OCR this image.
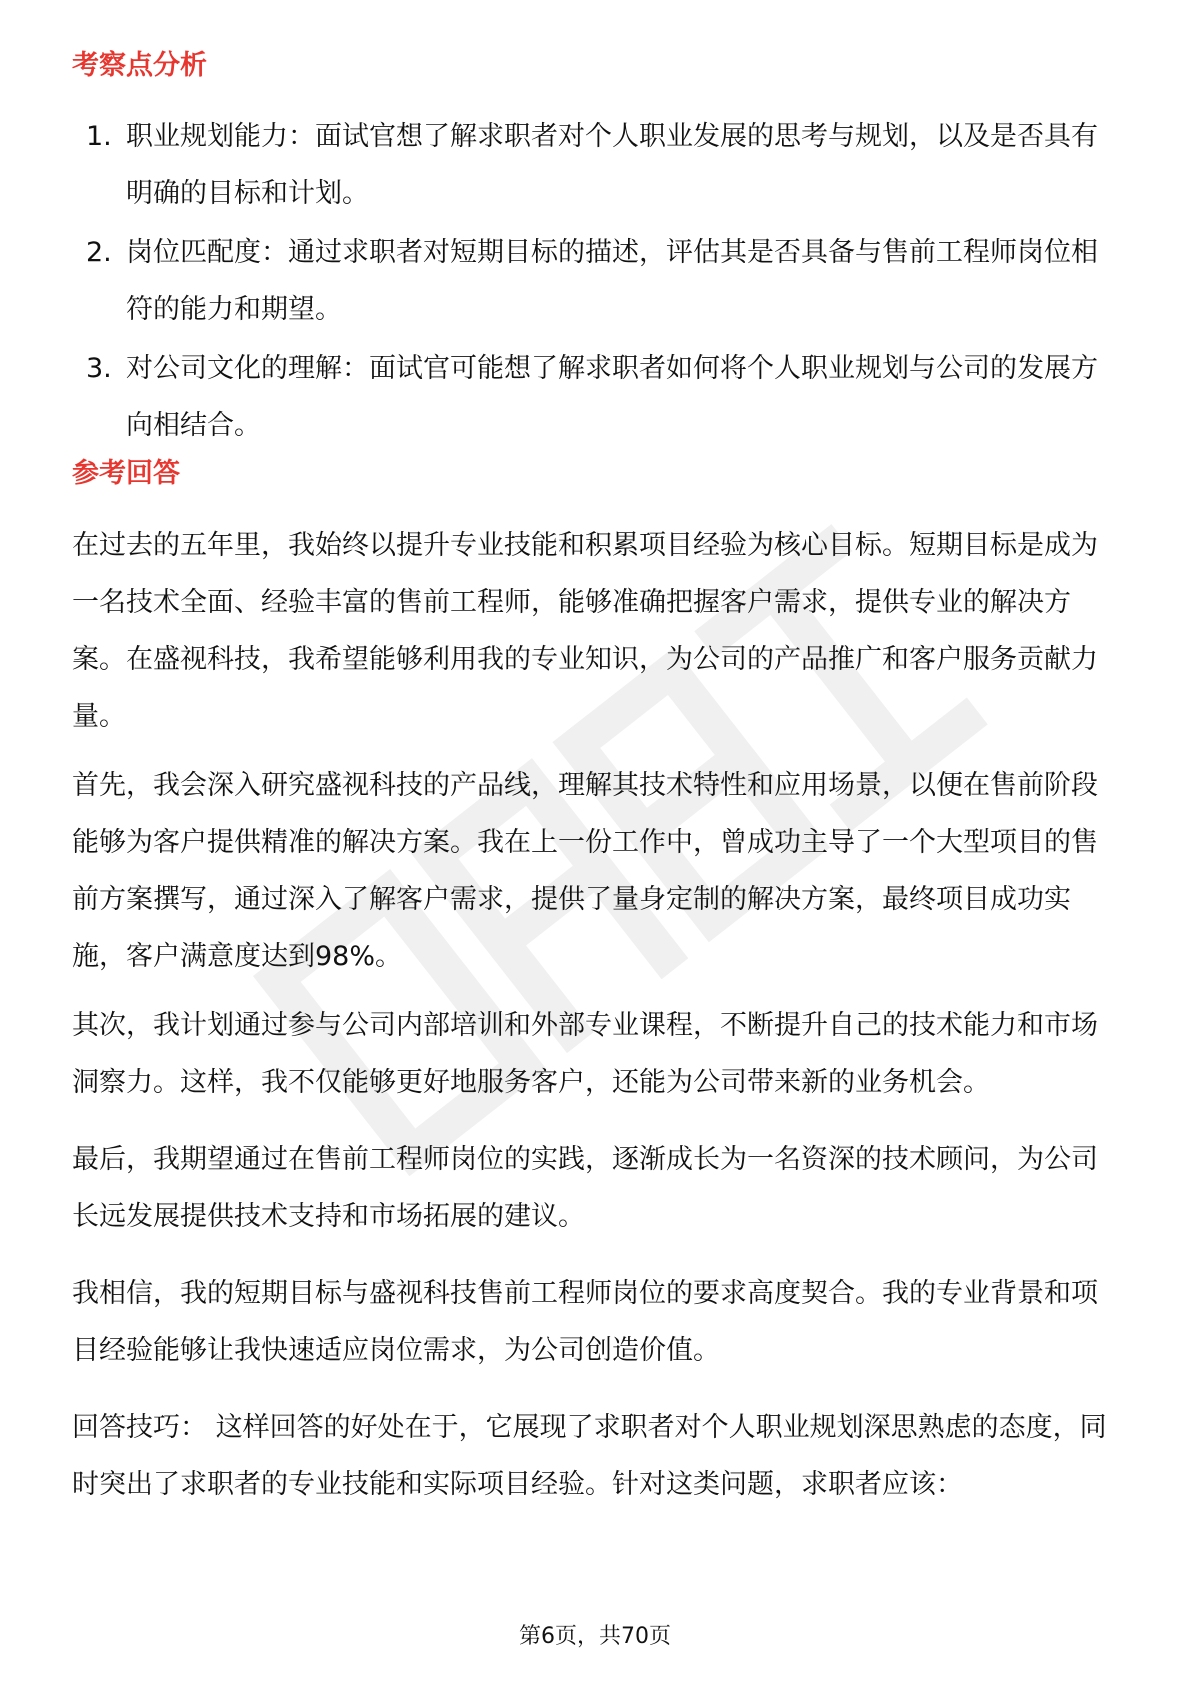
考察点分析
1. 职业规划能力：面试官想了解求职者对个人职业发展的思考与规划，以及是否具有明确的目标和计划。
2. 岗位匹配度：通过求职者对短期目标的描述，评估其是否具备与售前工程师岗位相符的能力和期望。
3. 对公司文化的理解：面试官可能想了解求职者如何将个人职业规划与公司的发展方向相结合。
参考回答

在过去的五年里，我始终以提升专业技能和积累项目经验为核心目标。短期目标是成为一名技术全面、经验丰富的售前工程师，能够准确把握客户需求，提供专业的解决方案。在盛视科技，我希望能够利用我的专业知识，为公司的产品推广和客户服务贡献力量。

首先，我会深入研究盛视科技的产品线，理解其技术特性和应用场景，以便在售前阶段能够为客户提供精准的解决方案。我在上一份工作中，曾成功主导了一个大型项目的售前方案撰写，通过深入了解客户需求，提供了量身定制的解决方案，最终项目成功实施，客户满意度达到98%。

其次，我计划通过参与公司内部培训和外部专业课程，不断提升自己的技术能力和市场洞察力。这样，我不仅能够更好地服务客户，还能为公司带来新的业务机会。

最后，我期望通过在售前工程师岗位的实践，逐渐成长为一名资深的技术顾问，为公司长远发展提供技术支持和市场拓展的建议。

我相信，我的短期目标与盛视科技售前工程师岗位的要求高度契合。我的专业背景和项目经验能够让我快速适应岗位需求，为公司创造价值。

回答技巧： 这样回答的好处在于，它展现了求职者对个人职业规划深思熟虑的态度，同时突出了求职者的专业技能和实际项目经验。针对这类问题，求职者应该：

第6页，共70页
